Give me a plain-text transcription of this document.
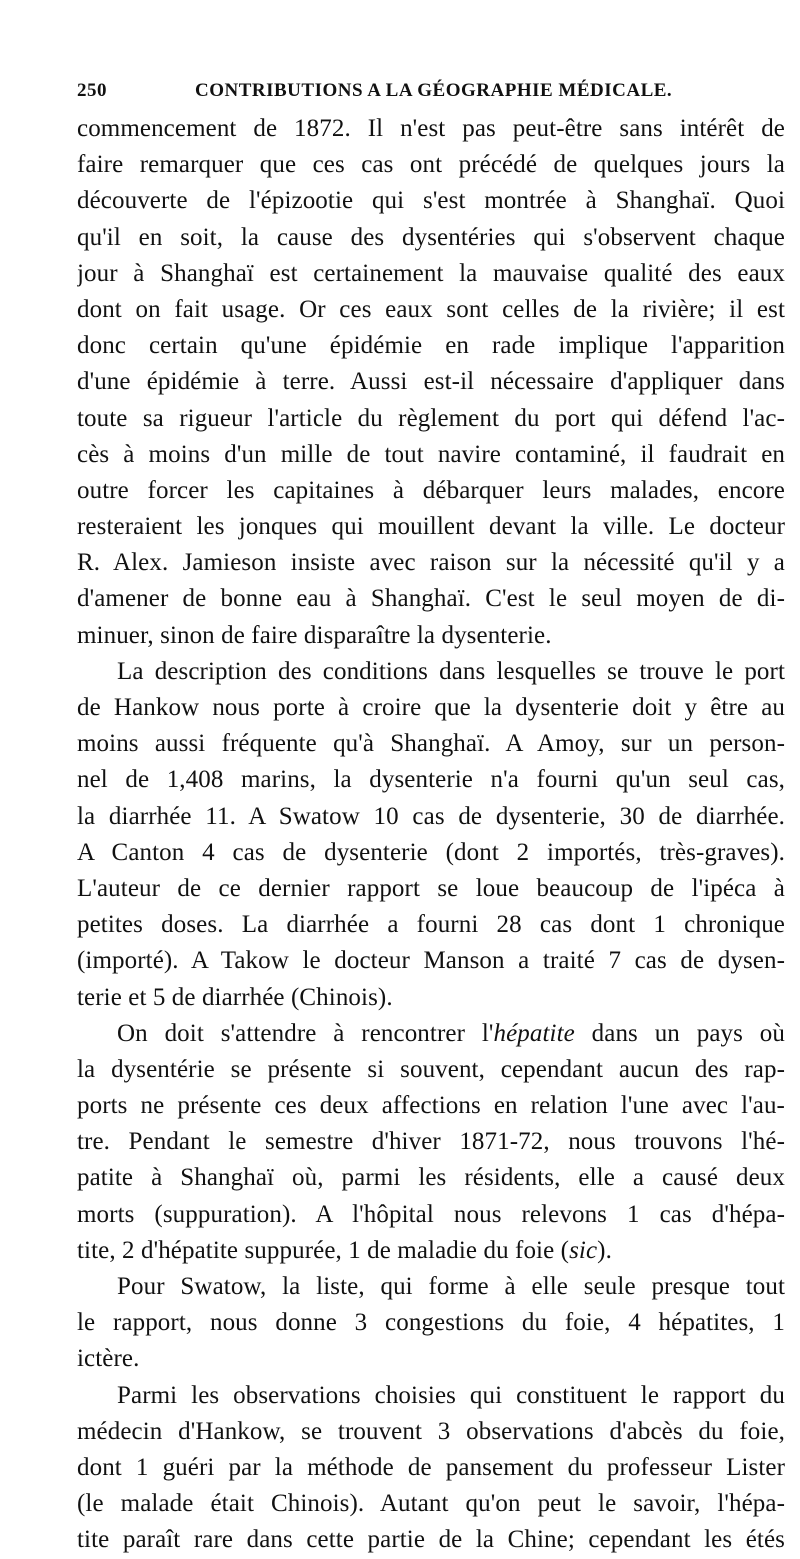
250	CONTRIBUTIONS A LA GÉOGRAPHIE MÉDICALE.
commencement de 1872. Il n'est pas peut-être sans intérêt de
faire remarquer que ces cas ont précédé de quelques jours la
découverte de l'épizootie qui s'est montrée à Shanghaï. Quoi
qu'il en soit, la cause des dysentéries qui s'observent chaque
jour à Shanghaï est certainement la mauvaise qualité des eaux
dont on fait usage. Or ces eaux sont celles de la rivière; il est
donc certain qu'une épidémie en rade implique l'apparition
d'une épidémie à terre. Aussi est-il nécessaire d'appliquer dans
toute sa rigueur l'article du règlement du port qui défend l'ac-
cès à moins d'un mille de tout navire contaminé, il faudrait en
outre forcer les capitaines à débarquer leurs malades, encore
resteraient les jonques qui mouillent devant la ville. Le docteur
R. Alex. Jamieson insiste avec raison sur la nécessité qu'il y a
d'amener de bonne eau à Shanghaï. C'est le seul moyen de di-
minuer, sinon de faire disparaître la dysenterie.
La description des conditions dans lesquelles se trouve le port
de Hankow nous porte à croire que la dysenterie doit y être au
moins aussi fréquente qu'à Shanghaï. A Amoy, sur un person-
nel de 1,408 marins, la dysenterie n'a fourni qu'un seul cas,
la diarrhée 11. A Swatow 10 cas de dysenterie, 30 de diarrhée.
A Canton 4 cas de dysenterie (dont 2 importés, très-graves).
L'auteur de ce dernier rapport se loue beaucoup de l'ipéca à
petites doses. La diarrhée a fourni 28 cas dont 1 chronique
(importé). A Takow le docteur Manson a traité 7 cas de dysen-
terie et 5 de diarrhée (Chinois).
On doit s'attendre à rencontrer l'hépatite dans un pays où
la dysentérie se présente si souvent, cependant aucun des rap-
ports ne présente ces deux affections en relation l'une avec l'au-
tre. Pendant le semestre d'hiver 1871-72, nous trouvons l'hé-
patite à Shanghaï où, parmi les résidents, elle a causé deux
morts (suppuration). A l'hôpital nous relevons 1 cas d'hépa-
tite, 2 d'hépatite suppurée, 1 de maladie du foie (sic).
Pour Swatow, la liste, qui forme à elle seule presque tout
le rapport, nous donne 3 congestions du foie, 4 hépatites, 1
ictère.
Parmi les observations choisies qui constituent le rapport du
médecin d'Hankow, se trouvent 3 observations d'abcès du foie,
dont 1 guéri par la méthode de pansement du professeur Lister
(le malade était Chinois). Autant qu'on peut le savoir, l'hépa-
tite paraît rare dans cette partie de la Chine; cependant les étés
